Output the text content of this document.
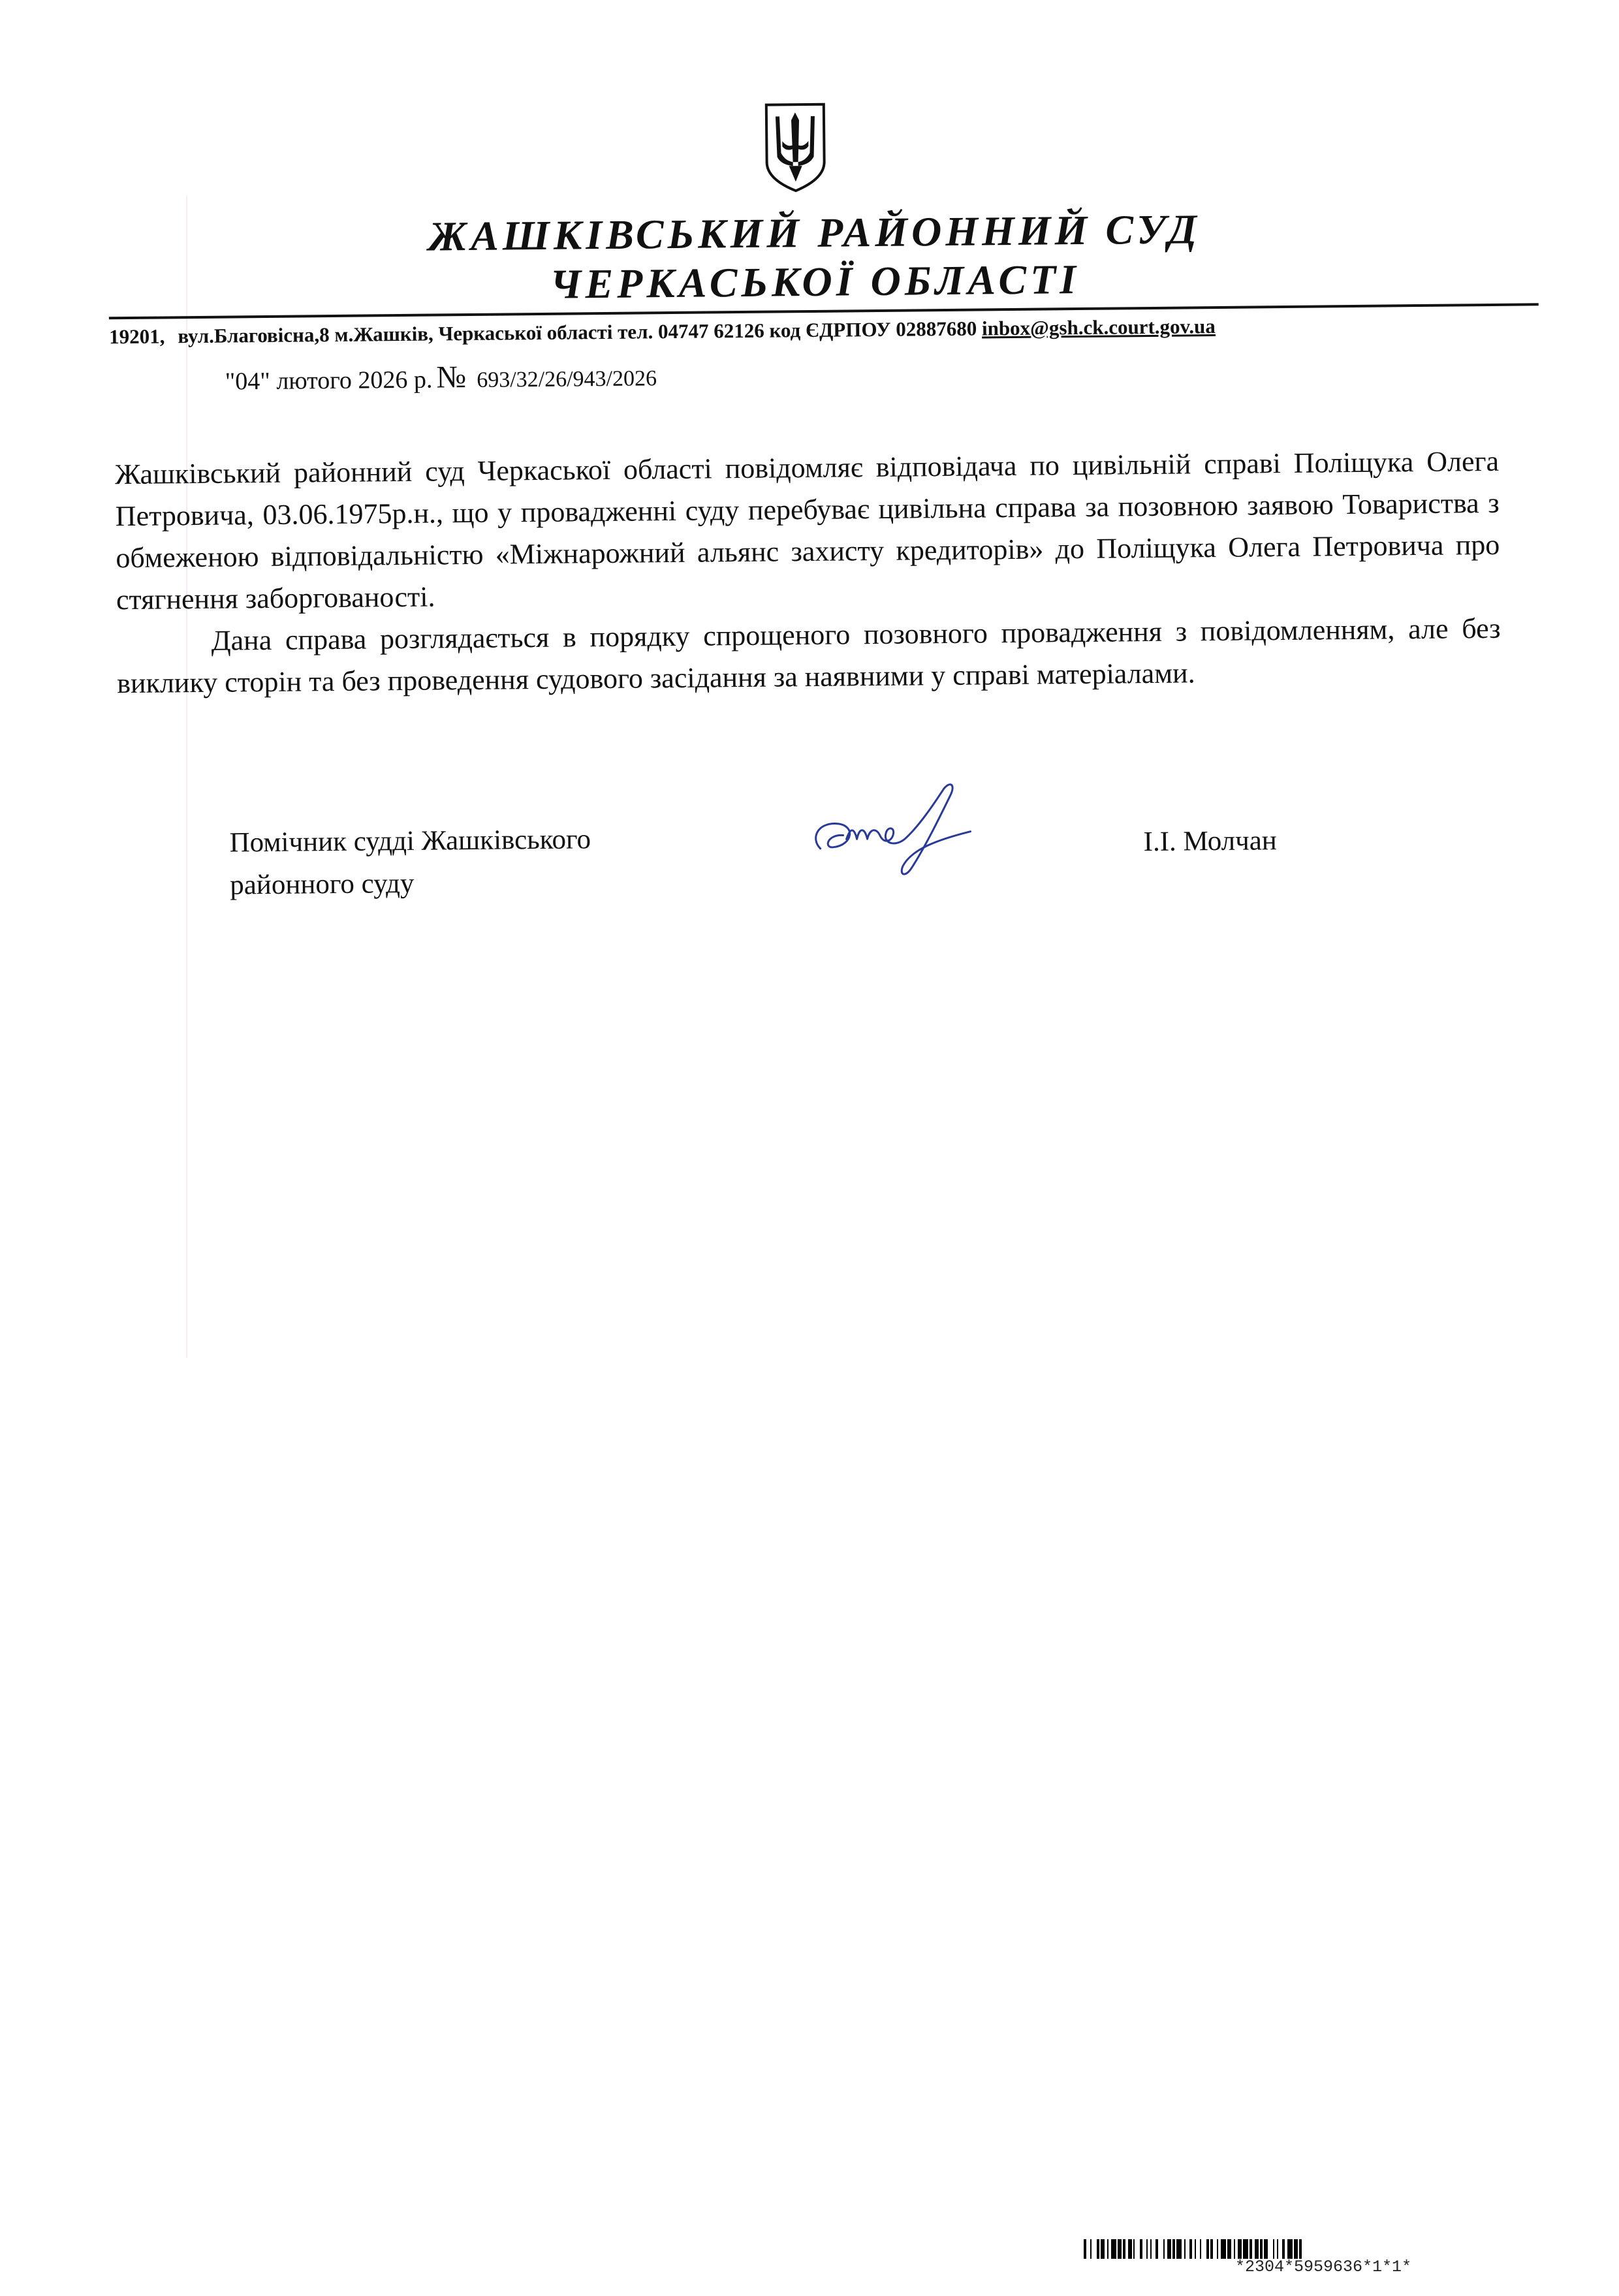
ЖАШКІВСЬКИЙ РАЙОННИЙ СУД
ЧЕРКАСЬКОЇ ОБЛАСТІ
19201, вул.Благовісна,8 м.Жашків, Черкаської області тел. 04747 62126 код ЄДРПОУ 02887680 inbox@gsh.ck.court.gov.ua
"04" лютого 2026 р. № 693/32/26/943/2026

Жашківський районний суд Черкаської області повідомляє відповідача по цивільній справі Поліщука Олега Петровича, 03.06.1975р.н., що у провадженні суду перебуває цивільна справа за позовною заявою Товариства з обмеженою відповідальністю «Міжнарожний альянс захисту кредиторів» до Поліщука Олега Петровича про стягнення заборгованості.

Дана справа розглядається в порядку спрощеного позовного провадження з повідомленням, але без виклику сторін та без проведення судового засідання за наявними у справі матеріалами.

Помічник судді Жашківського
районного суду
І.І. Молчан
*2304*5959636*1*1*
